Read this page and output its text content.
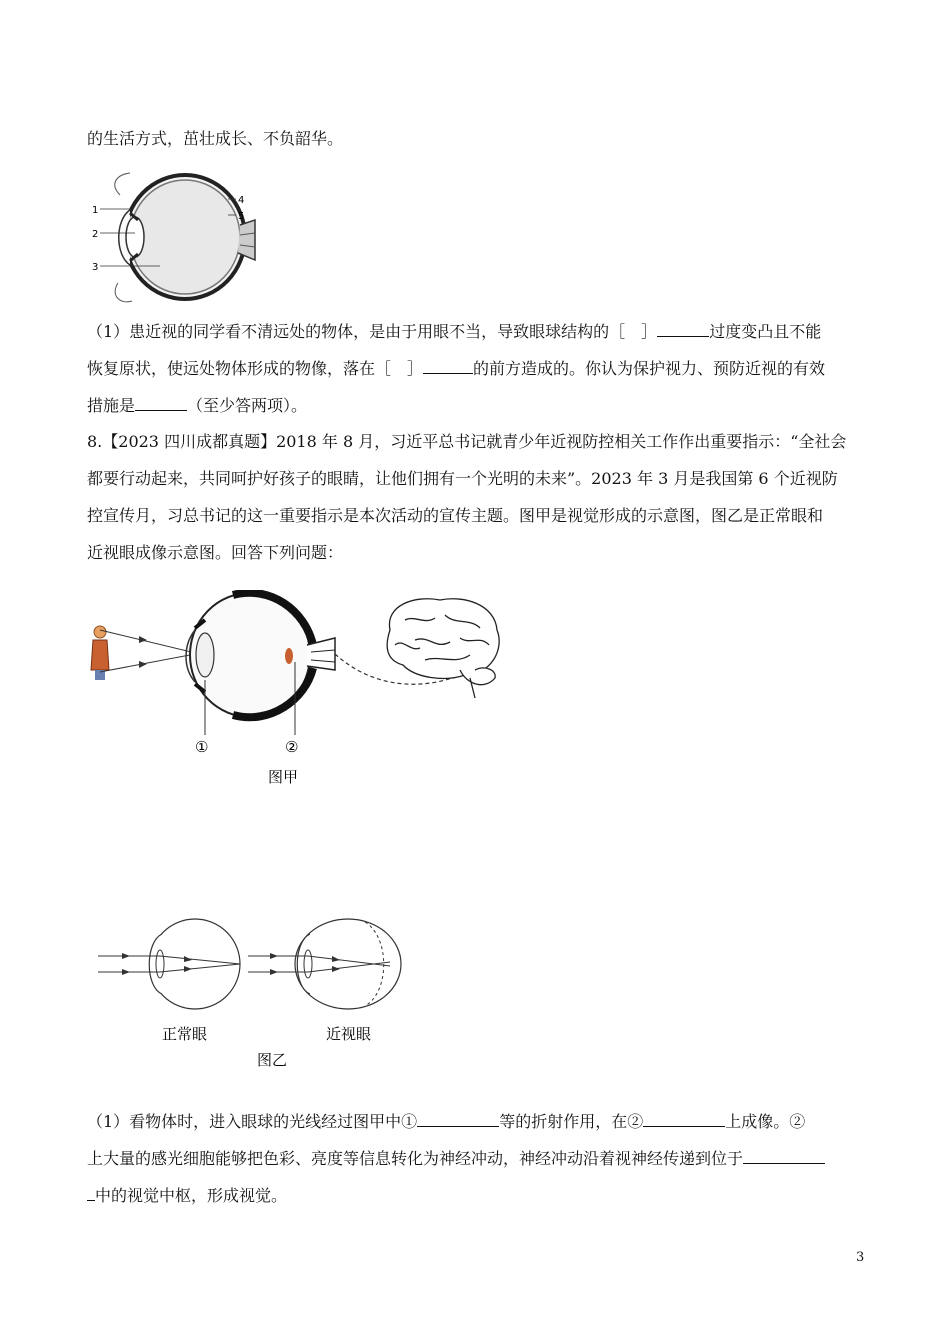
的生活方式，茁壮成长、不负韶华。
1
2
3
4
5
（1）患近视的同学看不清远处的物体，是由于用眼不当，导致眼球结构的［　］	过度变凸且不能
恢复原状，使远处物体形成的物像，落在［　］	的前方造成的。你认为保护视力、预防近视的有效
措施是	（至少答两项）。
8.【2023 四川成都真题】2018 年 8 月，习近平总书记就青少年近视防控相关工作作出重要指示：“全社会
都要行动起来，共同呵护好孩子的眼睛，让他们拥有一个光明的未来”。2023 年 3 月是我国第 6 个近视防
控宣传月，习总书记的这一重要指示是本次活动的宣传主题。图甲是视觉形成的示意图，图乙是正常眼和
近视眼成像示意图。回答下列问题：
①	②
图甲
正常眼	近视眼
图乙
（1）看物体时，进入眼球的光线经过图甲中①	等的折射作用，在②	上成像。②
上大量的感光细胞能够把色彩、亮度等信息转化为神经冲动，神经冲动沿着视神经传递到位于
中的视觉中枢，形成视觉。
3
